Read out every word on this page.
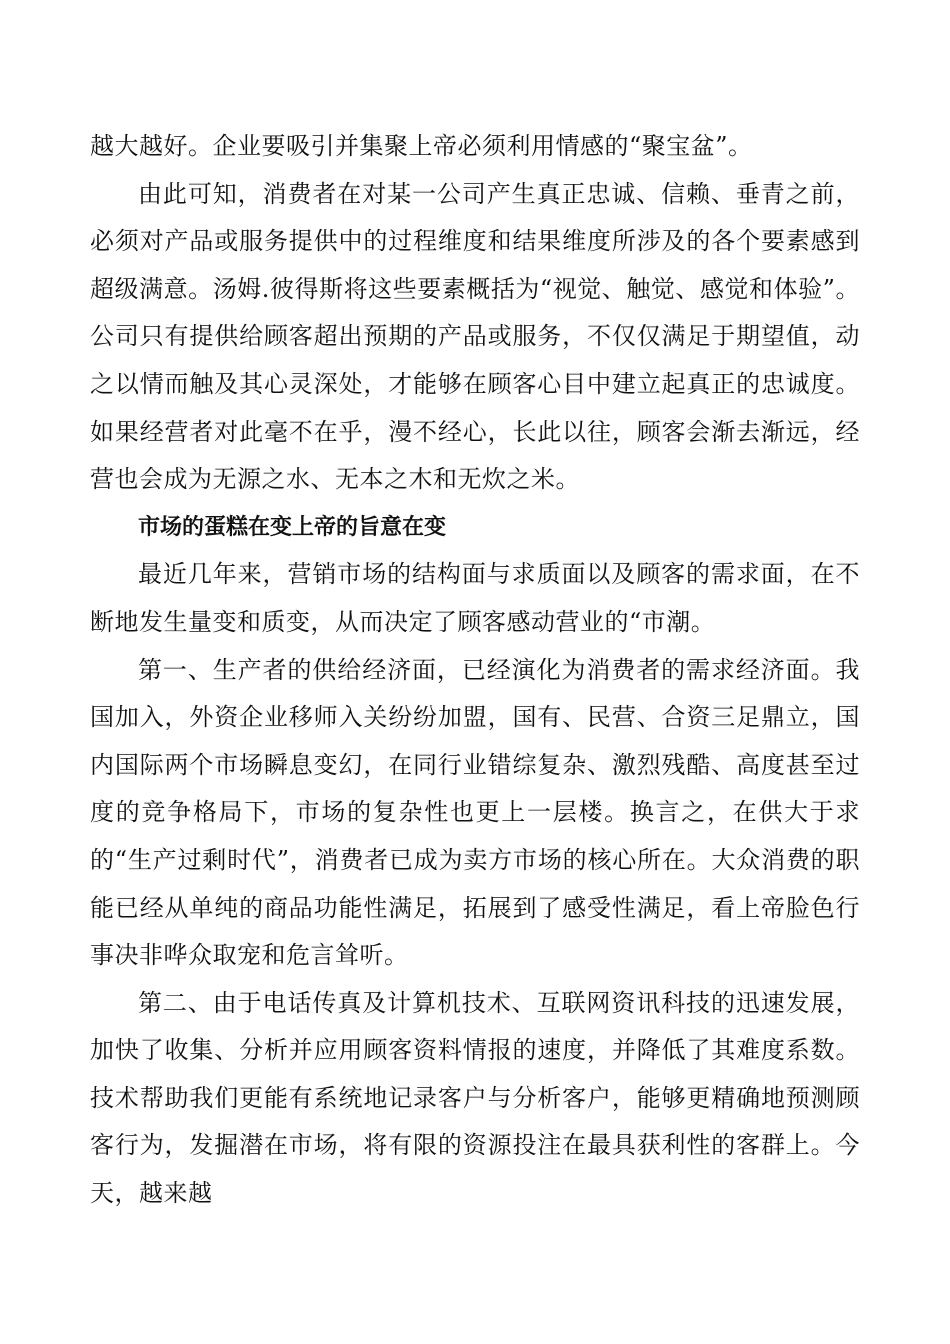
越大越好。企业要吸引并集聚上帝必须利用情感的“聚宝盆”。

由此可知，消费者在对某一公司产生真正忠诚、信赖、垂青之前，必须对产品或服务提供中的过程维度和结果维度所涉及的各个要素感到超级满意。汤姆.彼得斯将这些要素概括为“视觉、触觉、感觉和体验”。公司只有提供给顾客超出预期的产品或服务，不仅仅满足于期望值，动之以情而触及其心灵深处，才能够在顾客心目中建立起真正的忠诚度。如果经营者对此毫不在乎，漫不经心，长此以往，顾客会渐去渐远，经营也会成为无源之水、无本之木和无炊之米。

市场的蛋糕在变上帝的旨意在变

最近几年来，营销市场的结构面与求质面以及顾客的需求面，在不断地发生量变和质变，从而决定了顾客感动营业的“市潮。

第一、生产者的供给经济面，已经演化为消费者的需求经济面。我国加入，外资企业移师入关纷纷加盟，国有、民营、合资三足鼎立，国内国际两个市场瞬息变幻，在同行业错综复杂、激烈残酷、高度甚至过度的竞争格局下，市场的复杂性也更上一层楼。换言之，在供大于求的“生产过剩时代”，消费者已成为卖方市场的核心所在。大众消费的职能已经从单纯的商品功能性满足，拓展到了感受性满足，看上帝脸色行事决非哗众取宠和危言耸听。

第二、由于电话传真及计算机技术、互联网资讯科技的迅速发展，加快了收集、分析并应用顾客资料情报的速度，并降低了其难度系数。技术帮助我们更能有系统地记录客户与分析客户，能够更精确地预测顾客行为，发掘潜在市场，将有限的资源投注在最具获利性的客群上。今天，越来越
